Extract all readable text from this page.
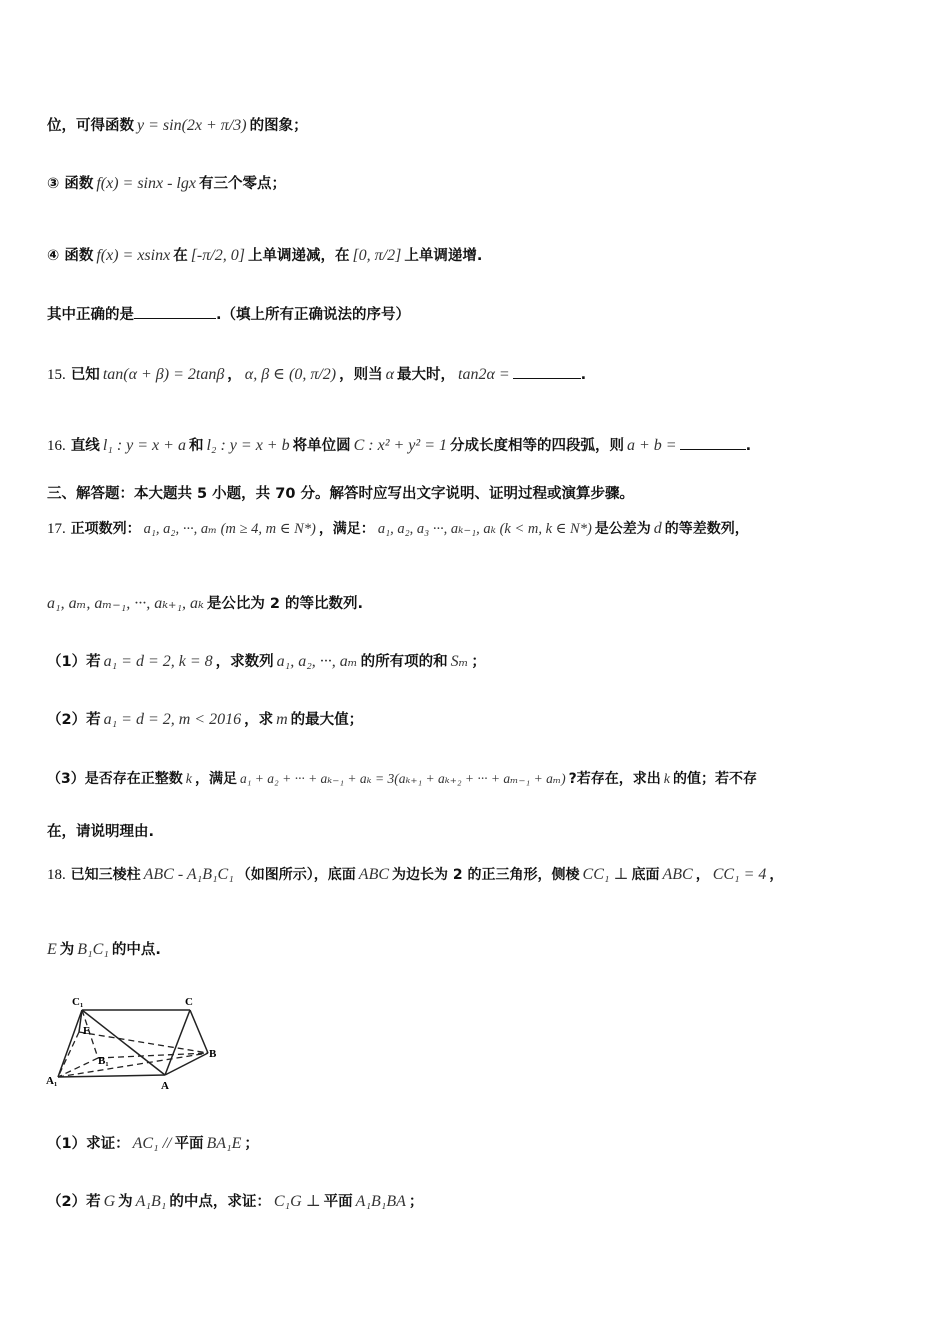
位，可得函数 y = sin(2x + π/3) 的图象；
③ 函数 f(x) = sinx - lgx 有三个零点；
④ 函数 f(x) = xsinx 在 [-π/2, 0] 上单调递减，在 [0, π/2] 上单调递增.
其中正确的是	.（填上所有正确说法的序号）
15. 已知 tan(α + β) = 2tanβ ， α, β ∈ (0, π/2) ，则当 α 最大时， tan2α =	.
16. 直线 l₁ : y = x + a 和 l₂ : y = x + b 将单位圆 C : x² + y² = 1 分成长度相等的四段弧，则 a + b =	.
三、解答题：本大题共 5 小题，共 70 分。解答时应写出文字说明、证明过程或演算步骤。
17. 正项数列： a₁, a₂, ···, aₘ (m ≥ 4, m ∈ N*) ，满足： a₁, a₂, a₃ ···, aₖ₋₁, aₖ (k < m, k ∈ N*) 是公差为 d 的等差数列，
a₁, aₘ, aₘ₋₁, ···, aₖ₊₁, aₖ 是公比为 2 的等比数列.
（1）若 a₁ = d = 2, k = 8 ，求数列 a₁, a₂, ···, aₘ 的所有项的和 Sₘ ；
（2）若 a₁ = d = 2, m < 2016 ，求 m 的最大值；
（3）是否存在正整数 k ，满足 a₁ + a₂ + ··· + aₖ₋₁ + aₖ = 3(aₖ₊₁ + aₖ₊₂ + ··· + aₘ₋₁ + aₘ) ?若存在，求出 k 的值；若不存
在，请说明理由.
18. 已知三棱柱 ABC - A₁B₁C₁ （如图所示），底面 ABC 为边长为 2 的正三角形，侧棱 CC₁ ⊥ 底面 ABC ， CC₁ = 4 ，
E 为 B₁C₁ 的中点.
C₁	C
E
B₁
B
A₁	A
（1）求证： AC₁ // 平面 BA₁E ；
（2）若 G 为 A₁B₁ 的中点，求证： C₁G ⊥ 平面 A₁B₁BA ；
